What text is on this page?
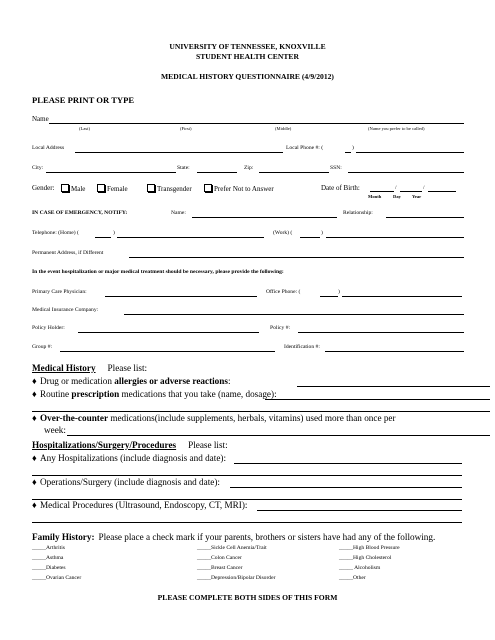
UNIVERSITY OF TENNESSEE, KNOXVILLE
STUDENT HEALTH CENTER
MEDICAL HISTORY QUESTIONNAIRE (4/9/2012)
PLEASE PRINT OR TYPE
Name
(Last)	(First)	(Middle)	(Name you prefer to be called)
Local Address	Local Phone #: (	)
City:	State:	Zip:	SSN:
Gender:	Male	Female	Transgender	Prefer Not to Answer	Date of Birth:	/	/
Month	Day Year
IN CASE OF EMERGENCY, NOTIFY:	Name:	Relationship:
Telephone: (Home) (	)	(Work) (	)
Permanent Address, if Different
In the event hospitalization or major medical treatment should be necessary, please provide the following:
Primary Care Physician:	Office Phone: (	)
Medical Insurance Company:
Policy Holder:	Policy #:
Group #:	Identification #:
Medical History Please list:
♦ Drug or medication allergies or adverse reactions:
♦ Routine prescription medications that you take (name, dosage):
♦ Over-the-counter medications(include supplements, herbals, vitamins) used more than once per
week:
Hospitalizations/Surgery/Procedures Please list:
♦ Any Hospitalizations (include diagnosis and date):
♦ Operations/Surgery (include diagnosis and date):
♦ Medical Procedures (Ultrasound, Endoscopy, CT, MRI):
Family History: Please place a check mark if your parents, brothers or sisters have had any of the following.
_____Arthritis	_____Sickle Cell Anemia/Trait	_____High Blood Pressure
_____Asthma	_____Colon Cancer	_____High Cholesterol
_____Diabetes	_____Breast Cancer	_____ Alcoholism
_____Ovarian Cancer	_____Depression/Bipolar Disorder	_____Other
PLEASE COMPLETE BOTH SIDES OF THIS FORM
